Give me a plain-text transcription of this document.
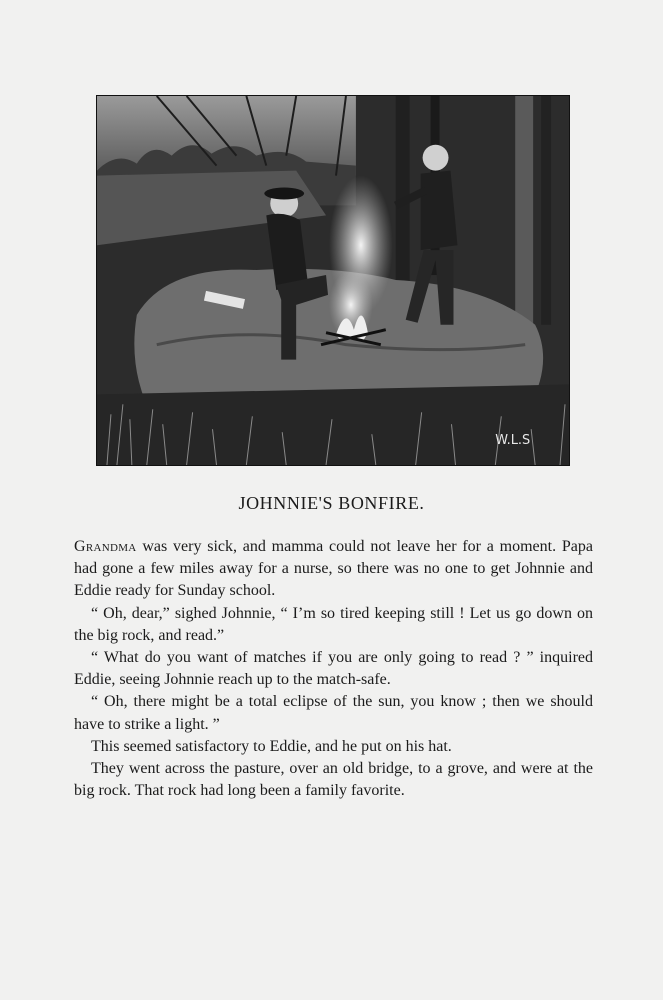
W.L.S
JOHNNIE'S BONFIRE.

Grandma was very sick, and mamma could not leave her for a moment. Papa had gone a few miles away for a nurse, so there was no one to get Johnnie and Eddie ready for Sunday school.

“ Oh, dear,” sighed Johnnie, “ I’m so tired keeping still ! Let us go down on the big rock, and read.”

“ What do you want of matches if you are only going to read ? ” inquired Eddie, seeing Johnnie reach up to the match-safe.

“ Oh, there might be a total eclipse of the sun, you know ; then we should have to strike a light. ”

This seemed satisfactory to Eddie, and he put on his hat.

They went across the pasture, over an old bridge, to a grove, and were at the big rock. That rock had long been a family favorite.
